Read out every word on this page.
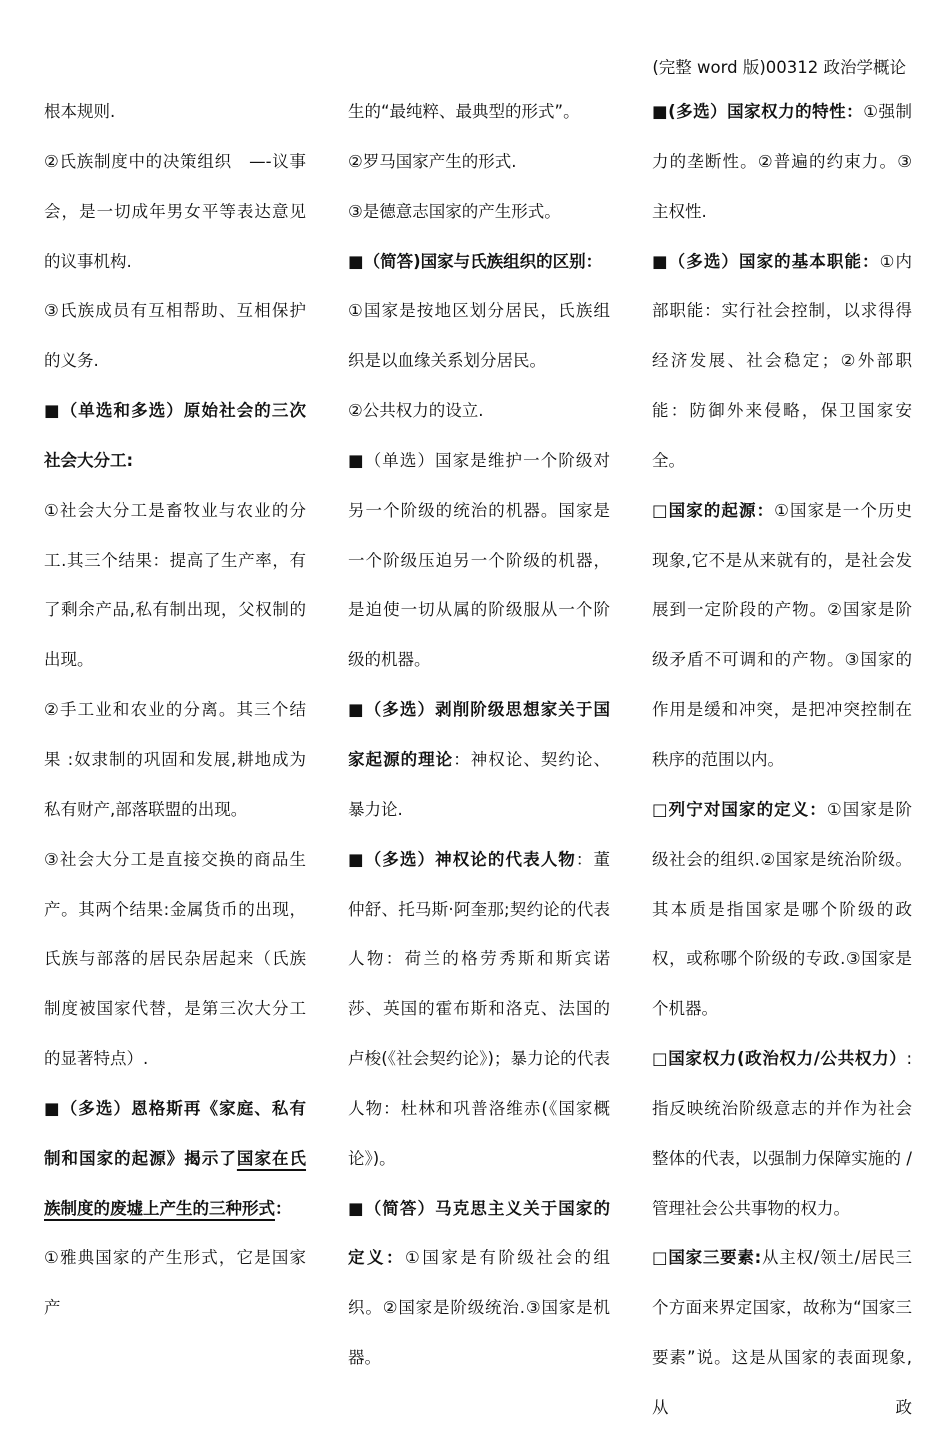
(完整 word 版)00312 政治学概论

根本规则.

②氏族制度中的决策组织　—-议事会，是一切成年男女平等表达意见的议事机构.

③氏族成员有互相帮助、互相保护的义务.

■（单选和多选）原始社会的三次社会大分工:

①社会大分工是畜牧业与农业的分工.其三个结果：提高了生产率，有了剩余产品,私有制出现，父权制的出现。

②手工业和农业的分离。其三个结果 :奴隶制的巩固和发展,耕地成为私有财产,部落联盟的出现。

③社会大分工是直接交换的商品生产。其两个结果:金属货币的出现，氏族与部落的居民杂居起来（氏族制度被国家代替，是第三次大分工的显著特点）.

■（多选）恩格斯再《家庭、私有制和国家的起源》揭示了国家在氏族制度的废墟上产生的三种形式：

①雅典国家的产生形式，它是国家产

生的“最纯粹、最典型的形式”。

②罗马国家产生的形式.

③是德意志国家的产生形式。

■（简答)国家与氏族组织的区别：

①国家是按地区划分居民，氏族组织是以血缘关系划分居民。

②公共权力的设立.

■（单选）国家是维护一个阶级对另一个阶级的统治的机器。国家是一个阶级压迫另一个阶级的机器，是迫使一切从属的阶级服从一个阶级的机器。

■（多选）剥削阶级思想家关于国家起源的理论：神权论、契约论、暴力论.

■（多选）神权论的代表人物：董仲舒、托马斯·阿奎那;契约论的代表人物：荷兰的格劳秀斯和斯宾诺莎、英国的霍布斯和洛克、法国的卢梭(《社会契约论》)；暴力论的代表人物：杜林和巩普洛维赤(《国家概论》)。

■（简答）马克思主义关于国家的定义：①国家是有阶级社会的组织。②国家是阶级统治.③国家是机器。

■(多选）国家权力的特性：①强制力的垄断性。②普遍的约束力。③主权性.

■（多选）国家的基本职能：①内部职能：实行社会控制，以求得得经济发展、社会稳定；②外部职能：防御外来侵略，保卫国家安全。

□国家的起源：①国家是一个历史现象,它不是从来就有的，是社会发展到一定阶段的产物。②国家是阶级矛盾不可调和的产物。③国家的作用是缓和冲突，是把冲突控制在秩序的范围以内。

□列宁对国家的定义：①国家是阶级社会的组织.②国家是统治阶级。其本质是指国家是哪个阶级的政权，或称哪个阶级的专政.③国家是个机器。

□国家权力(政治权力/公共权力）:指反映统治阶级意志的并作为社会整体的代表，以强制力保障实施的 /管理社会公共事物的权力。

□国家三要素:从主权/领土/居民三个方面来界定国家，故称为“国家三要素”说。这是从国家的表面现象,从政
